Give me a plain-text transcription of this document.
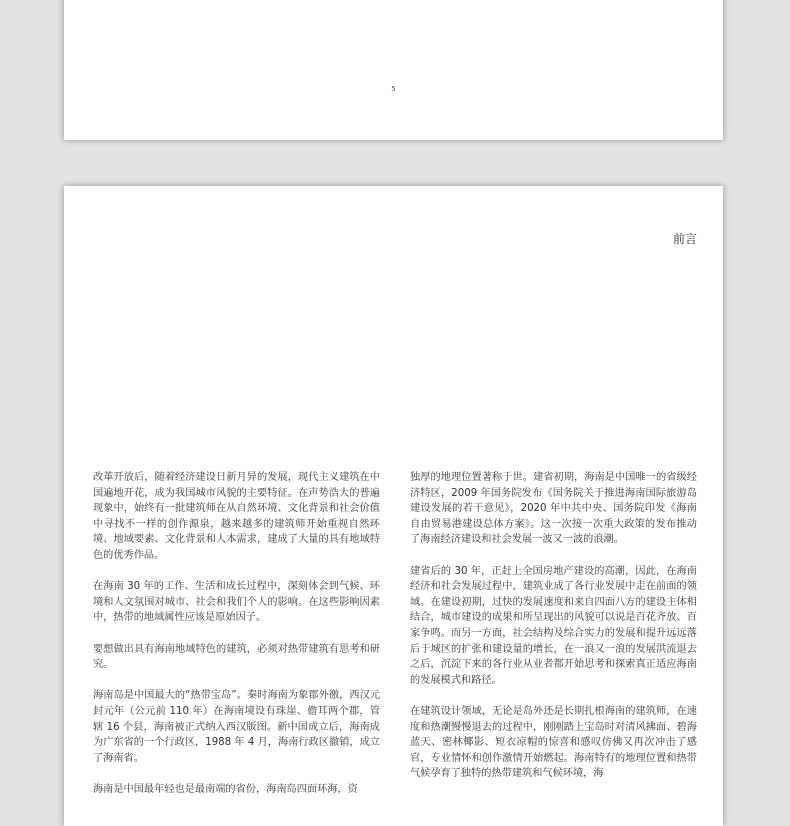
5
前言

改革开放后，随着经济建设日新月异的发展，现代主义建筑在中国遍地开花，成为我国城市风貌的主要特征。在声势浩大的普遍现象中，始终有一批建筑师在从自然环境、文化背景和社会价值中寻找不一样的创作源泉，越来越多的建筑师开始重视自然环境、地域要素、文化背景和人本需求，建成了大量的具有地域特色的优秀作品。

在海南 30 年的工作、生活和成长过程中，深刻体会到气候、环境和人文氛围对城市、社会和我们个人的影响。在这些影响因素中，热带的地域属性应该是原始因子。

要想做出具有海南地域特色的建筑，必须对热带建筑有思考和研究。

海南岛是中国最大的“热带宝岛”。秦时海南为象郡外徼，西汉元封元年（公元前 110 年）在海南境设有珠崖、儋耳两个郡，管辖 16 个县，海南被正式纳入西汉版图。新中国成立后，海南成为广东省的一个行政区，1988 年 4 月，海南行政区撤销，成立了海南省。

海南是中国最年轻也是最南端的省份，海南岛四面环海，资

独厚的地理位置著称于世。建省初期，海南是中国唯一的省级经济特区，2009 年国务院发布《国务院关于推进海南国际旅游岛建设发展的若干意见》，2020 年中共中央、国务院印发《海南自由贸易港建设总体方案》。这一次接一次重大政策的发布推动了海南经济建设和社会发展一波又一波的浪潮。

建省后的 30 年，正赶上全国房地产建设的高潮，因此，在海南经济和社会发展过程中，建筑业成了各行业发展中走在前面的领域。在建设初期，过快的发展速度和来自四面八方的建设主体相结合，城市建设的成果和所呈现出的风貌可以说是百花齐放、百家争鸣。而另一方面，社会结构及综合实力的发展和提升远远落后于城区的扩张和建设量的增长，在一浪又一浪的发展洪流退去之后，沉淀下来的各行业从业者都开始思考和探索真正适应海南的发展模式和路径。

在建筑设计领域，无论是岛外还是长期扎根海南的建筑师，在速度和热潮慢慢退去的过程中，刚刚踏上宝岛时对清风拂面、碧海蓝天、密林椰影、短衣凉帽的惊喜和感叹仿佛又再次冲击了感官，专业情怀和创作激情开始燃起。海南特有的地理位置和热带气候孕育了独特的热带建筑和气候环境，海
